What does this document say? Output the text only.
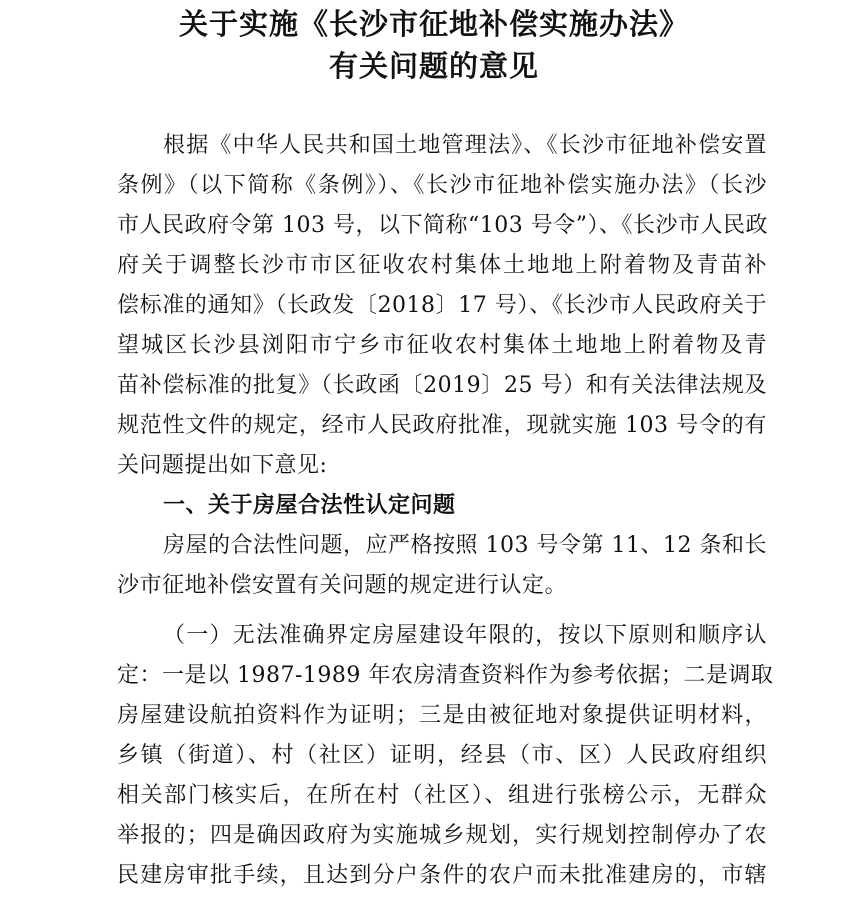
关于实施《长沙市征地补偿实施办法》
有关问题的意见
根据《中华人民共和国土地管理法》、《长沙市征地补偿安置
条例》（以下简称《条例》）、《长沙市征地补偿实施办法》（长沙
市人民政府令第 103 号，以下简称“103 号令”）、《长沙市人民政
府关于调整长沙市市区征收农村集体土地地上附着物及青苗补
偿标准的通知》（长政发〔2018〕17 号）、《长沙市人民政府关于
望城区长沙县浏阳市宁乡市征收农村集体土地地上附着物及青
苗补偿标准的批复》（长政函〔2019〕25 号）和有关法律法规及
规范性文件的规定，经市人民政府批准，现就实施 103 号令的有
关问题提出如下意见:
一、关于房屋合法性认定问题
房屋的合法性问题，应严格按照 103 号令第 11、12 条和长
沙市征地补偿安置有关问题的规定进行认定。
（一）无法准确界定房屋建设年限的，按以下原则和顺序认
定：一是以 1987-1989 年农房清查资料作为参考依据；二是调取
房屋建设航拍资料作为证明；三是由被征地对象提供证明材料，
乡镇（街道）、村（社区）证明，经县（市、区）人民政府组织
相关部门核实后，在所在村（社区）、组进行张榜公示，无群众
举报的；四是确因政府为实施城乡规划，实行规划控制停办了农
民建房审批手续，且达到分户条件的农户而未批准建房的，市辖
